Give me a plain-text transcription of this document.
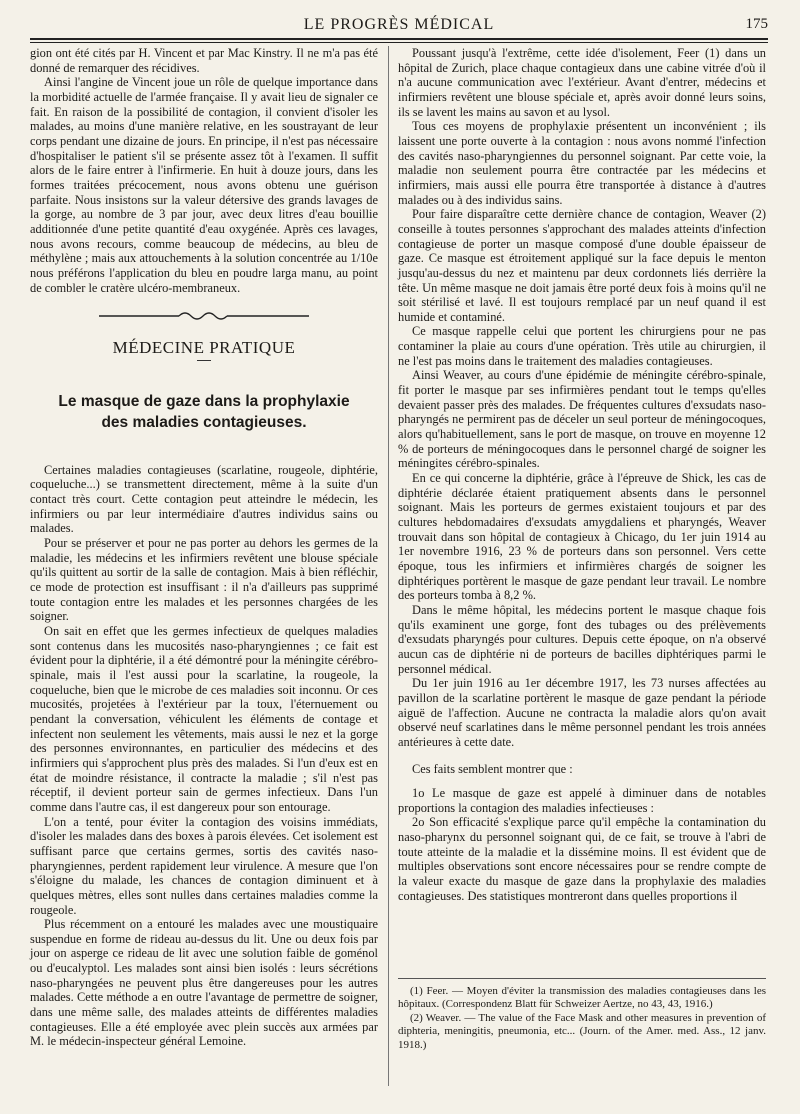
LE PROGRÈS MÉDICAL	175

gion ont été cités par H. Vincent et par Mac Kinstry. Il ne m'a pas été donné de remarquer des récidives.

Ainsi l'angine de Vincent joue un rôle de quelque importance dans la morbidité actuelle de l'armée française. Il y avait lieu de signaler ce fait. En raison de la possibilité de contagion, il convient d'isoler les malades, au moins d'une manière relative, en les soustrayant de leur corps pendant une dizaine de jours. En principe, il n'est pas nécessaire d'hospitaliser le patient s'il se présente assez tôt à l'examen. Il suffit alors de le faire entrer à l'infirmerie. En huit à douze jours, dans les formes traitées précocement, nous avons obtenu une guérison parfaite. Nous insistons sur la valeur détersive des grands lavages de la gorge, au nombre de 3 par jour, avec deux litres d'eau bouillie additionnée d'une petite quantité d'eau oxygénée. Après ces lavages, nous avons recours, comme beaucoup de médecins, au bleu de méthylène ; mais aux attouchements à la solution concentrée au 1/10e nous préférons l'application du bleu en poudre larga manu, au point de combler le cratère ulcéro-membraneux.

MÉDECINE PRATIQUE
Le masque de gaze dans la prophylaxie
des maladies contagieuses.

Certaines maladies contagieuses (scarlatine, rougeole, diphtérie, coqueluche...) se transmettent directement, même à la suite d'un contact très court. Cette contagion peut atteindre le médecin, les infirmiers ou par leur intermédiaire d'autres individus sains ou malades.

Pour se préserver et pour ne pas porter au dehors les germes de la maladie, les médecins et les infirmiers revêtent une blouse spéciale qu'ils quittent au sortir de la salle de contagion. Mais à bien réfléchir, ce mode de protection est insuffisant : il n'a d'ailleurs pas supprimé toute contagion entre les malades et les personnes chargées de les soigner.

On sait en effet que les germes infectieux de quelques maladies sont contenus dans les mucosités naso-pharyngiennes ; ce fait est évident pour la diphtérie, il a été démontré pour la méningite cérébro-spinale, mais il l'est aussi pour la scarlatine, la rougeole, la coqueluche, bien que le microbe de ces maladies soit inconnu. Or ces mucosités, projetées à l'extérieur par la toux, l'éternuement ou pendant la conversation, véhiculent les éléments de contage et infectent non seulement les vêtements, mais aussi le nez et la gorge des personnes environnantes, en particulier des médecins et des infirmiers qui s'approchent plus près des malades. Si l'un d'eux est en état de moindre résistance, il contracte la maladie ; s'il n'est pas réceptif, il devient porteur sain de germes infectieux. Dans l'un comme dans l'autre cas, il est dangereux pour son entourage.

L'on a tenté, pour éviter la contagion des voisins immédiats, d'isoler les malades dans des boxes à parois élevées. Cet isolement est suffisant parce que certains germes, sortis des cavités naso-pharyngiennes, perdent rapidement leur virulence. A mesure que l'on s'éloigne du malade, les chances de contagion diminuent et à quelques mètres, elles sont nulles dans certaines maladies comme la rougeole.

Plus récemment on a entouré les malades avec une moustiquaire suspendue en forme de rideau au-dessus du lit. Une ou deux fois par jour on asperge ce rideau de lit avec une solution faible de goménol ou d'eucalyptol. Les malades sont ainsi bien isolés : leurs sécrétions naso-pharyngées ne peuvent plus être dangereuses pour les autres malades. Cette méthode a en outre l'avantage de permettre de soigner, dans une même salle, des malades atteints de différentes maladies contagieuses. Elle a été employée avec plein succès aux armées par M. le médecin-inspecteur général Lemoine.

Poussant jusqu'à l'extrême, cette idée d'isolement, Feer (1) dans un hôpital de Zurich, place chaque contagieux dans une cabine vitrée d'où il n'a aucune communication avec l'extérieur. Avant d'entrer, médecins et infirmiers revêtent une blouse spéciale et, après avoir donné leurs soins, ils se lavent les mains au savon et au lysol.

Tous ces moyens de prophylaxie présentent un inconvénient ; ils laissent une porte ouverte à la contagion : nous avons nommé l'infection des cavités naso-pharyngiennes du personnel soignant. Par cette voie, la maladie non seulement pourra être contractée par les médecins et infirmiers, mais aussi elle pourra être transportée à distance à d'autres malades ou à des individus sains.

Pour faire disparaître cette dernière chance de contagion, Weaver (2) conseille à toutes personnes s'approchant des malades atteints d'infection contagieuse de porter un masque composé d'une double épaisseur de gaze. Ce masque est étroitement appliqué sur la face depuis le menton jusqu'au-dessus du nez et maintenu par deux cordonnets liés derrière la tête. Un même masque ne doit jamais être porté deux fois à moins qu'il ne soit stérilisé et lavé. Il est toujours remplacé par un neuf quand il est humide et contaminé.

Ce masque rappelle celui que portent les chirurgiens pour ne pas contaminer la plaie au cours d'une opération. Très utile au chirurgien, il ne l'est pas moins dans le traitement des maladies contagieuses.

Ainsi Weaver, au cours d'une épidémie de méningite cérébro-spinale, fit porter le masque par ses infirmières pendant tout le temps qu'elles devaient passer près des malades. De fréquentes cultures d'exsudats naso-pharyngés ne permirent pas de déceler un seul porteur de méningocoques, alors qu'habituellement, sans le port de masque, on trouve en moyenne 12 % de porteurs de méningocoques dans le personnel chargé de soigner les méningites cérébro-spinales.

En ce qui concerne la diphtérie, grâce à l'épreuve de Shick, les cas de diphtérie déclarée étaient pratiquement absents dans le personnel soignant. Mais les porteurs de germes existaient toujours et par des cultures hebdomadaires d'exsudats amygdaliens et pharyngés, Weaver trouvait dans son hôpital de contagieux à Chicago, du 1er juin 1914 au 1er novembre 1916, 23 % de porteurs dans son personnel. Vers cette époque, tous les infirmiers et infirmières chargés de soigner les diphtériques portèrent le masque de gaze pendant leur travail. Le nombre des porteurs tomba à 8,2 %.

Dans le même hôpital, les médecins portent le masque chaque fois qu'ils examinent une gorge, font des tubages ou des prélèvements d'exsudats pharyngés pour cultures. Depuis cette époque, on n'a observé aucun cas de diphtérie ni de porteurs de bacilles diphtériques parmi le personnel médical.

Du 1er juin 1916 au 1er décembre 1917, les 73 nurses affectées au pavillon de la scarlatine portèrent le masque de gaze pendant la période aiguë de l'affection. Aucune ne contracta la maladie alors qu'on avait observé neuf scarlatines dans le même personnel pendant les trois années antérieures à cette date.

Ces faits semblent montrer que :

1o Le masque de gaze est appelé à diminuer dans de notables proportions la contagion des maladies infectieuses :

2o Son efficacité s'explique parce qu'il empêche la contamination du naso-pharynx du personnel soignant qui, de ce fait, se trouve à l'abri de toute atteinte de la maladie et la dissémine moins. Il est évident que de multiples observations sont encore nécessaires pour se rendre compte de la valeur exacte du masque de gaze dans la prophylaxie des maladies contagieuses. Des statistiques montreront dans quelles proportions il

(1) Feer. — Moyen d'éviter la transmission des maladies contagieuses dans les hôpitaux. (Correspondenz Blatt für Schweizer Aertze, no 43, 43, 1916.)

(2) Weaver. — The value of the Face Mask and other measures in prevention of diphteria, meningitis, pneumonia, etc... (Journ. of the Amer. med. Ass., 12 janv. 1918.)
